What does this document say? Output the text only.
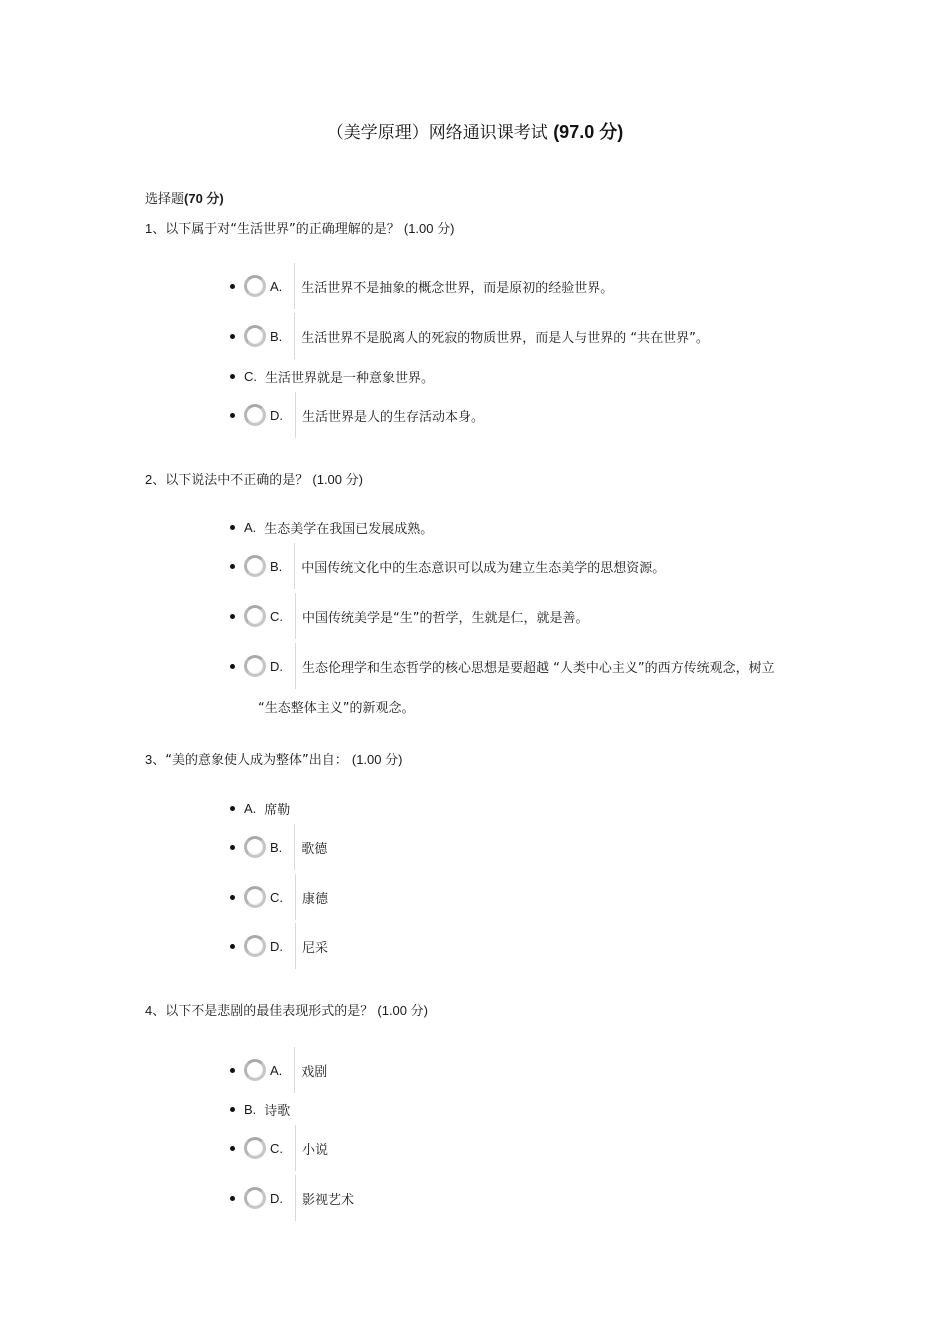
（美学原理）网络通识课考试 (97.0 分)
选择题(70 分)
1、以下属于对“生活世界”的正确理解的是？ (1.00 分)
A. 生活世界不是抽象的概念世界，而是原初的经验世界。
B. 生活世界不是脱离人的死寂的物质世界，而是人与世界的 “共在世界”。
C. 生活世界就是一种意象世界。
D. 生活世界是人的生存活动本身。
2、以下说法中不正确的是？ (1.00 分)
A. 生态美学在我国已发展成熟。
B. 中国传统文化中的生态意识可以成为建立生态美学的思想资源。
C. 中国传统美学是“生”的哲学，生就是仁，就是善。
D. 生态伦理学和生态哲学的核心思想是要超越 “人类中心主义”的西方传统观念，树立
“生态整体主义”的新观念。
3、“美的意象使人成为整体”出自： (1.00 分)
A. 席勒
B. 歌德
C. 康德
D. 尼采
4、以下不是悲剧的最佳表现形式的是？ (1.00 分)
A. 戏剧
B. 诗歌
C. 小说
D. 影视艺术
